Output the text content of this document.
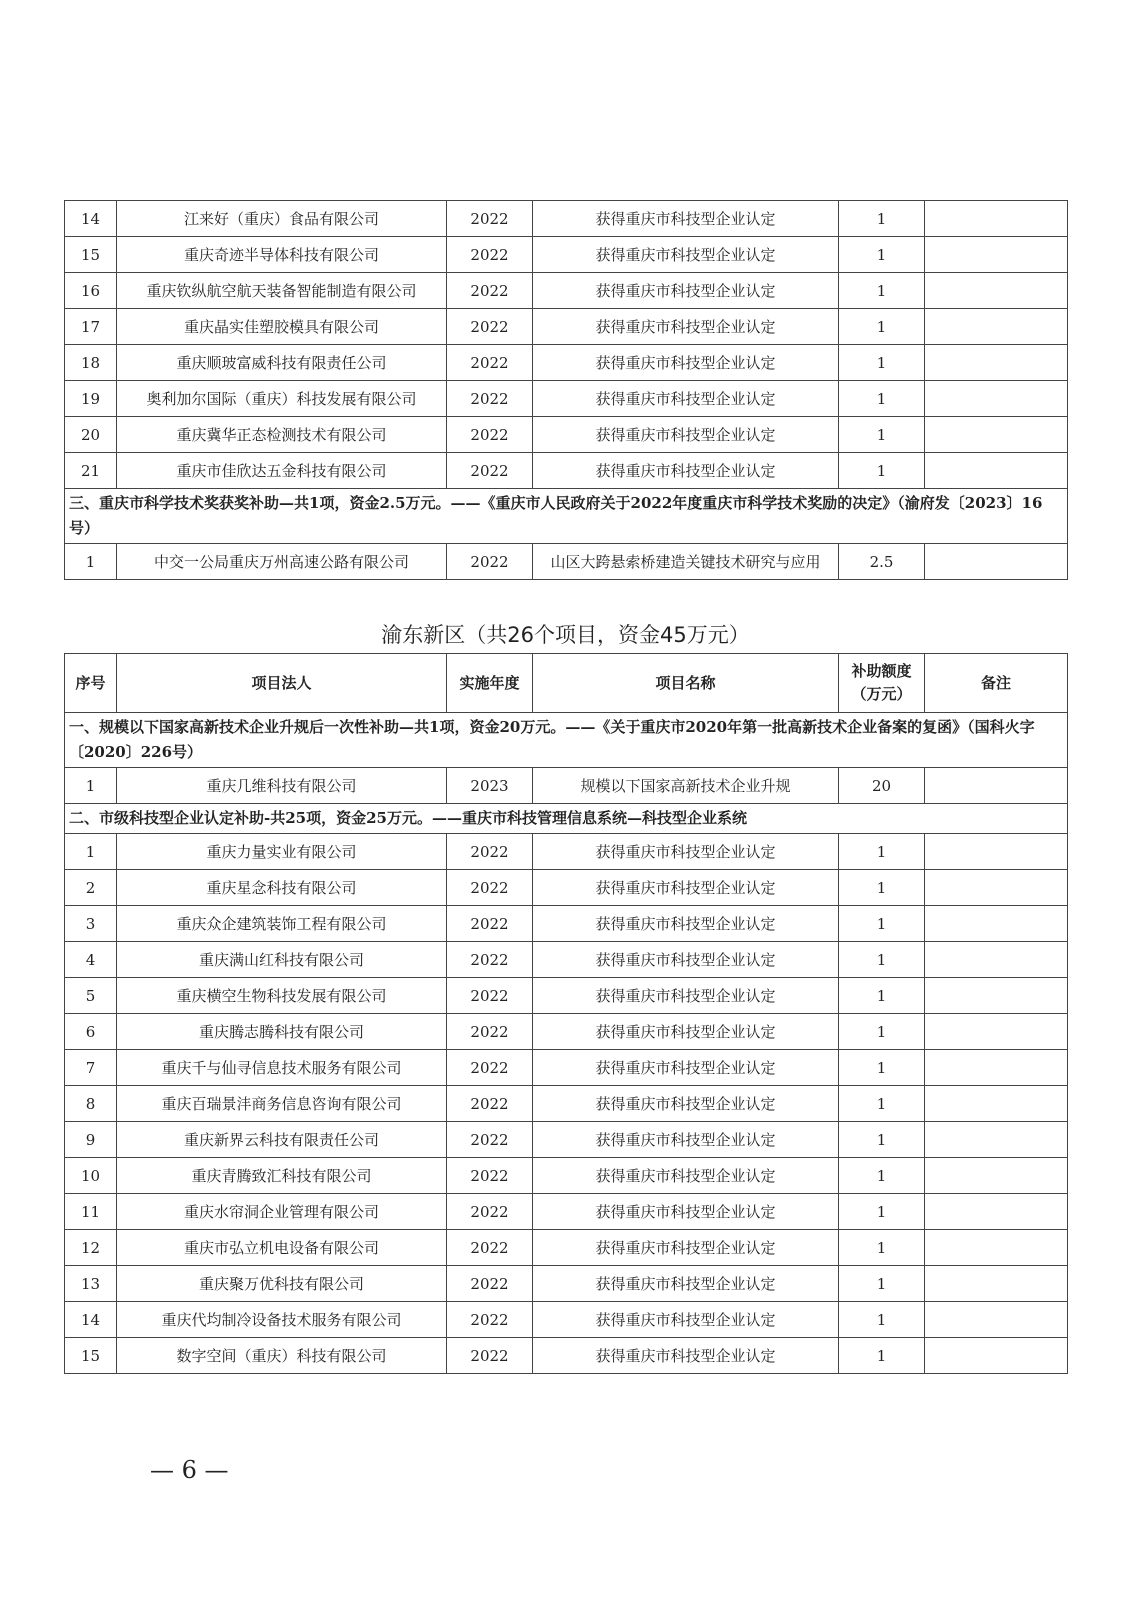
14	江来好（重庆）食品有限公司	2022	获得重庆市科技型企业认定	1	
15	重庆奇迹半导体科技有限公司	2022	获得重庆市科技型企业认定	1	
16	重庆钦纵航空航天装备智能制造有限公司	2022	获得重庆市科技型企业认定	1	
17	重庆晶实佳塑胶模具有限公司	2022	获得重庆市科技型企业认定	1	
18	重庆顺玻富威科技有限责任公司	2022	获得重庆市科技型企业认定	1	
19	奥利加尔国际（重庆）科技发展有限公司	2022	获得重庆市科技型企业认定	1	
20	重庆冀华正态检测技术有限公司	2022	获得重庆市科技型企业认定	1	
21	重庆市佳欣达五金科技有限公司	2022	获得重庆市科技型企业认定	1	
三、重庆市科学技术奖获奖补助—共1项，资金2.5万元。——《重庆市人民政府关于2022年度重庆市科学技术奖励的决定》（渝府发〔2023〕16号）					
1	中交一公局重庆万州高速公路有限公司	2022	山区大跨悬索桥建造关键技术研究与应用	2.5	
渝东新区（共26个项目，资金45万元）
序号	项目法人	实施年度	项目名称	补助额度（万元）	备注
一、规模以下国家高新技术企业升规后一次性补助—共1项，资金20万元。——《关于重庆市2020年第一批高新技术企业备案的复函》（国科火字〔2020〕226号）					
1	重庆几维科技有限公司	2023	规模以下国家高新技术企业升规	20	
二、市级科技型企业认定补助-共25项，资金25万元。——重庆市科技管理信息系统—科技型企业系统					
1	重庆力量实业有限公司	2022	获得重庆市科技型企业认定	1	
2	重庆星念科技有限公司	2022	获得重庆市科技型企业认定	1	
3	重庆众企建筑装饰工程有限公司	2022	获得重庆市科技型企业认定	1	
4	重庆满山红科技有限公司	2022	获得重庆市科技型企业认定	1	
5	重庆横空生物科技发展有限公司	2022	获得重庆市科技型企业认定	1	
6	重庆腾志腾科技有限公司	2022	获得重庆市科技型企业认定	1	
7	重庆千与仙寻信息技术服务有限公司	2022	获得重庆市科技型企业认定	1	
8	重庆百瑞景沣商务信息咨询有限公司	2022	获得重庆市科技型企业认定	1	
9	重庆新界云科技有限责任公司	2022	获得重庆市科技型企业认定	1	
10	重庆青腾致汇科技有限公司	2022	获得重庆市科技型企业认定	1	
11	重庆水帘洞企业管理有限公司	2022	获得重庆市科技型企业认定	1	
12	重庆市弘立机电设备有限公司	2022	获得重庆市科技型企业认定	1	
13	重庆聚万优科技有限公司	2022	获得重庆市科技型企业认定	1	
14	重庆代均制冷设备技术服务有限公司	2022	获得重庆市科技型企业认定	1	
15	数字空间（重庆）科技有限公司	2022	获得重庆市科技型企业认定	1	
— 6 —
